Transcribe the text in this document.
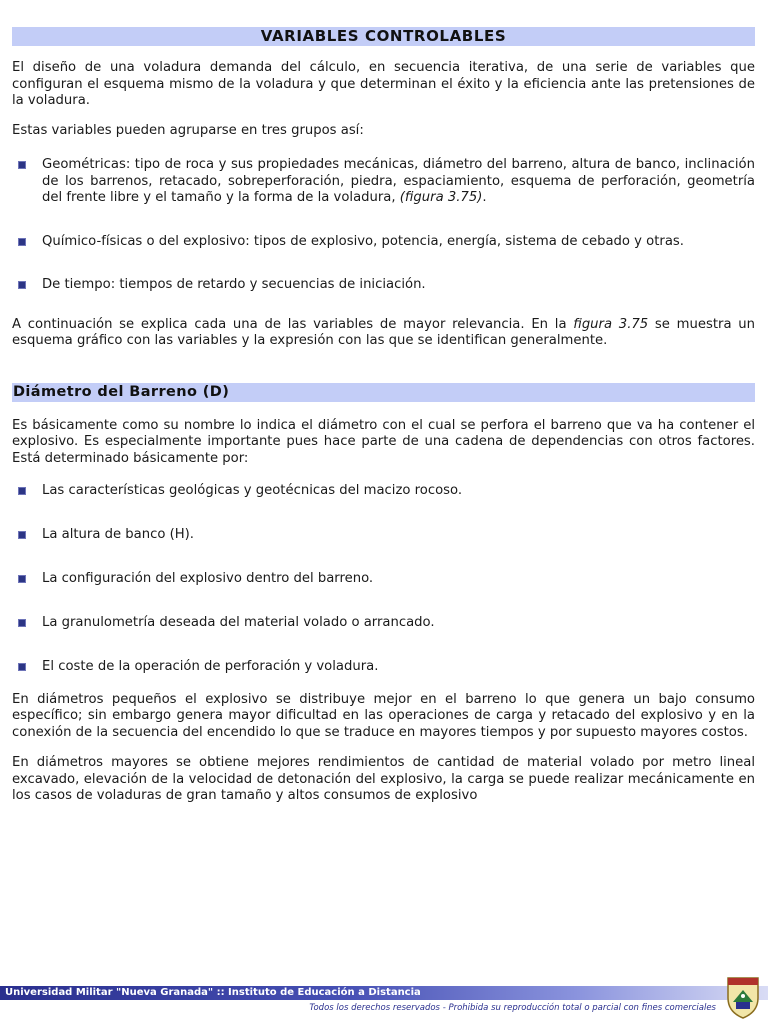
VARIABLES CONTROLABLES

El diseño de una voladura demanda del cálculo, en secuencia iterativa, de una serie de variables que configuran el esquema mismo de la voladura y que determinan el éxito y la eficiencia ante las pretensiones de la voladura.

Estas variables pueden agruparse en tres grupos así:

Geométricas: tipo de roca y sus propiedades mecánicas, diámetro del barreno, altura de banco, inclinación de los barrenos, retacado, sobreperforación, piedra, espaciamiento, esquema de perforación, geometría del frente libre y el tamaño y la forma de la voladura, (figura 3.75).
Químico-físicas o del explosivo: tipos de explosivo, potencia, energía, sistema de cebado y otras.
De tiempo: tiempos de retardo y secuencias de iniciación.

A continuación se explica cada una de las variables de mayor relevancia. En la figura 3.75 se muestra un esquema gráfico con las variables y la expresión con las que se identifican generalmente.

Diámetro del Barreno (D)

Es básicamente como su nombre lo indica el diámetro con el cual se perfora el barreno que va ha contener el explosivo. Es especialmente importante pues hace parte de una cadena de dependencias con otros factores. Está determinado básicamente por:

Las características geológicas y geotécnicas del macizo rocoso.
La altura de banco (H).
La configuración del explosivo dentro del barreno.
La granulometría deseada del material volado o arrancado.
El coste de la operación de perforación y voladura.

En diámetros pequeños el explosivo se distribuye mejor en el barreno lo que genera un bajo consumo específico; sin embargo genera mayor dificultad en las operaciones de carga y retacado del explosivo y en la conexión de la secuencia del encendido lo que se traduce en mayores tiempos y por supuesto mayores costos.

En diámetros mayores se obtiene mejores rendimientos de cantidad de material volado por metro lineal excavado, elevación de la velocidad de detonación del explosivo, la carga se puede realizar mecánicamente en los casos de voladuras de gran tamaño y altos consumos de explosivo

Universidad Militar "Nueva Granada" :: Instituto de Educación a Distancia
Todos los derechos reservados - Prohibida su reproducción total o parcial con fines comerciales
